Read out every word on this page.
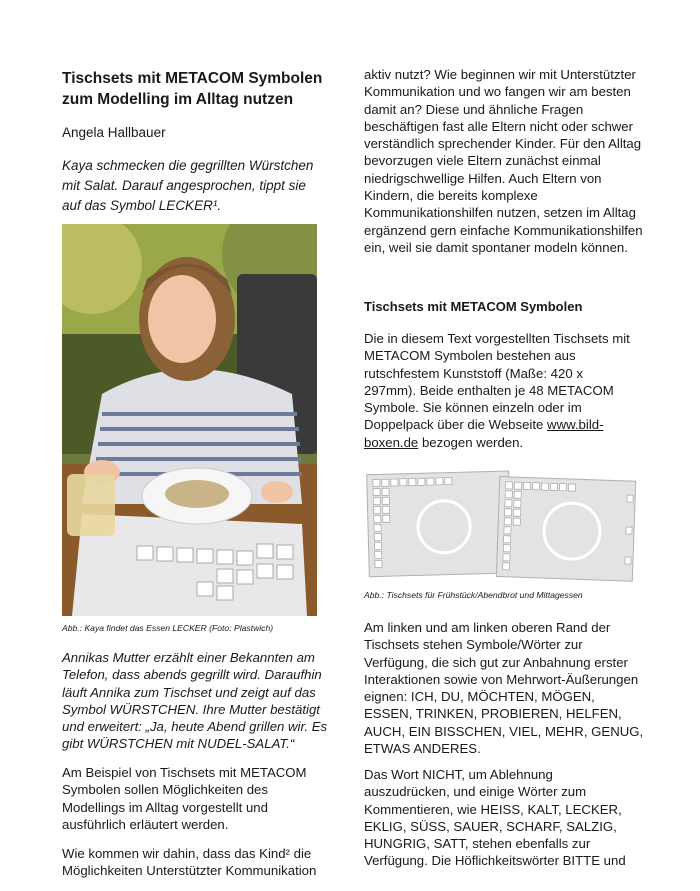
Tischsets mit METACOM Symbolen zum Modelling im Alltag nutzen

Angela Hallbauer

Kaya schmecken die gegrillten Würstchen mit Salat. Darauf angesprochen, tippt sie auf das Symbol LECKER¹.

Abb.: Kaya findet das Essen LECKER (Foto: Plastwich)

Annikas Mutter erzählt einer Bekannten am Telefon, dass abends gegrillt wird. Daraufhin läuft Annika zum Tischset und zeigt auf das Symbol WÜRSTCHEN. Ihre Mutter bestätigt und erweitert: „Ja, heute Abend grillen wir. Es gibt WÜRSTCHEN mit NUDEL-SALAT.“

Am Beispiel von Tischsets mit METACOM Symbolen sollen Möglichkeiten des Modellings im Alltag vorgestellt und ausführlich erläutert werden.

Wie kommen wir dahin, dass das Kind² die Möglichkeiten Unterstützter Kommunikation

aktiv nutzt? Wie beginnen wir mit Unterstützter Kommunikation und wo fangen wir am besten damit an? Diese und ähnliche Fragen beschäftigen fast alle Eltern nicht oder schwer verständlich sprechender Kinder. Für den Alltag bevorzugen viele Eltern zunächst einmal niedrigschwellige Hilfen. Auch Eltern von Kindern, die bereits komplexe Kommunikationshilfen nutzen, setzen im Alltag ergänzend gern einfache Kommunikationshilfen ein, weil sie damit spontaner modeln können.

Tischsets mit METACOM Symbolen

Die in diesem Text vorgestellten Tischsets mit METACOM Symbolen bestehen aus rutschfestem Kunststoff (Maße: 420 x 297mm). Beide enthalten je 48 METACOM Symbole. Sie können einzeln oder im Doppelpack über die Webseite www.bild-boxen.de bezogen werden.

Abb.: Tischsets für Frühstück/Abendbrot und Mittagessen

Am linken und am linken oberen Rand der Tischsets stehen Symbole/Wörter zur Verfügung, die sich gut zur Anbahnung erster Interaktionen sowie von Mehrwort-Äußerungen eignen: ICH, DU, MÖCHTEN, MÖGEN, ESSEN, TRINKEN, PROBIEREN, HELFEN, AUCH, EIN BISSCHEN, VIEL, MEHR, GENUG, ETWAS ANDERES.

Das Wort NICHT, um Ablehnung auszudrücken, und einige Wörter zum Kommentieren, wie HEISS, KALT, LECKER, EKLIG, SÜSS, SAUER, SCHARF, SALZIG, HUNGRIG, SATT, stehen ebenfalls zur Verfügung. Die Höflichkeitswörter BITTE und
